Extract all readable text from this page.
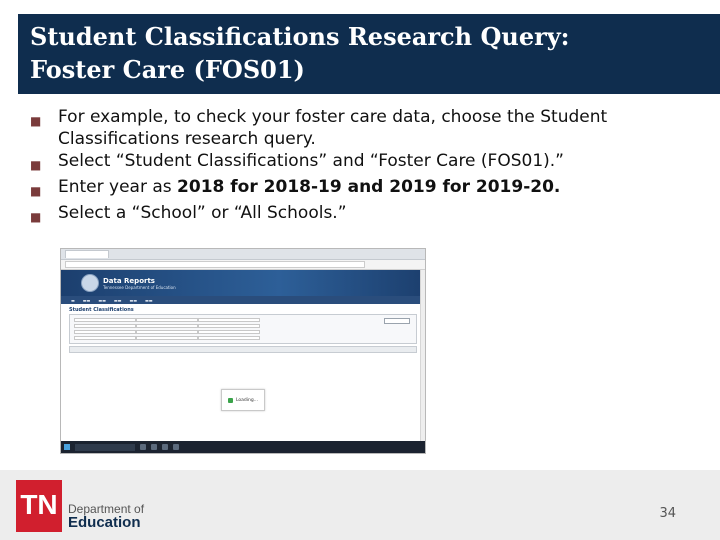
Student Classifications Research Query:
Foster Care (FOS01)
■ For example, to check your foster care data, choose the Student Classifications research query.
■ Select “Student Classifications” and “Foster Care (FOS01).”
■ Enter year as 2018 for 2018-19 and 2019 for 2019-20.
■ Select a “School” or “All Schools.”
Data Reports
Tennessee Department of Education
▬ ▬▬ ▬▬ ▬▬ ▬▬ ▬▬
Student Classifications
Loading...
TN Department of
Education
34
